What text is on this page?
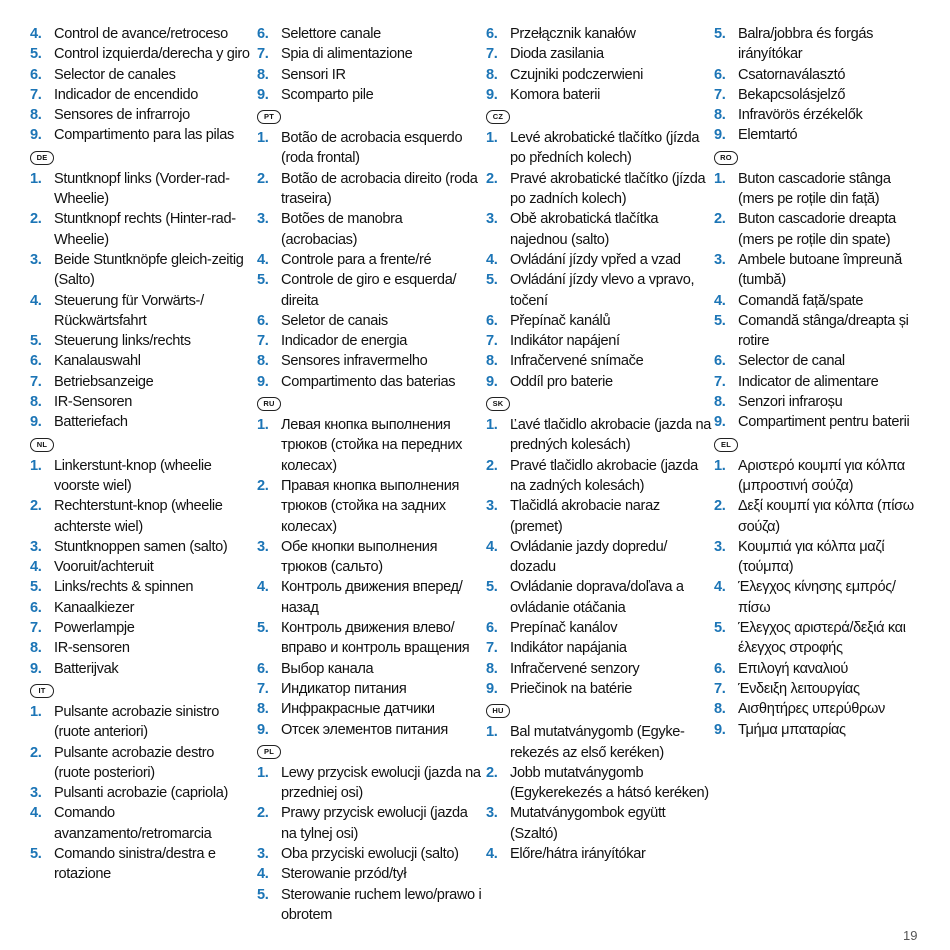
4. Control de avance/retroceso
5. Control izquierda/derecha y giro
6. Selector de canales
7. Indicador de encendido
8. Sensores de infrarrojo
9. Compartimento para las pilas
DE
1. Stuntknopf links (Vorder-rad-Wheelie)
2. Stuntknopf rechts (Hinter-rad-Wheelie)
3. Beide Stuntknöpfe gleich-zeitig (Salto)
4. Steuerung für Vorwärts-/ Rückwärtsfahrt
5. Steuerung links/rechts
6. Kanalauswahl
7. Betriebsanzeige
8. IR-Sensoren
9. Batteriefach
NL
1. Linkerstunt-knop (wheelie voorste wiel)
2. Rechterstunt-knop (wheelie achterste wiel)
3. Stuntknoppen samen (salto)
4. Vooruit/achteruit
5. Links/rechts & spinnen
6. Kanaalkiezer
7. Powerlampje
8. IR-sensoren
9. Batterijvak
IT
1. Pulsante acrobazie sinistro (ruote anteriori)
2. Pulsante acrobazie destro (ruote posteriori)
3. Pulsanti acrobazie (capriola)
4. Comando avanzamento/retromarcia
5. Comando sinistra/destra e rotazione
6. Selettore canale
7. Spia di alimentazione
8. Sensori IR
9. Scomparto pile
PT
1. Botão de acrobacia esquerdo (roda frontal)
2. Botão de acrobacia direito (roda traseira)
3. Botões de manobra (acrobacias)
4. Controle para a frente/ré
5. Controle de giro e esquerda/ direita
6. Seletor de canais
7. Indicador de energia
8. Sensores infravermelho
9. Compartimento das baterias
RU
1. Левая кнопка выполнения трюков (стойка на передних колесах)
2. Правая кнопка выполнения трюков (стойка на задних колесах)
3. Обе кнопки выполнения трюков (сальто)
4. Контроль движения вперед/ назад
5. Контроль движения влево/ вправо и контроль вращения
6. Выбор канала
7. Индикатор питания
8. Инфракрасные датчики
9. Отсек элементов питания
PL
1. Lewy przycisk ewolucji (jazda na przedniej osi)
2. Prawy przycisk ewolucji (jazda na tylnej osi)
3. Oba przyciski ewolucji (salto)
4. Sterowanie przód/tył
5. Sterowanie ruchem lewo/prawo i obrotem
6. Przełącznik kanałów
7. Dioda zasilania
8. Czujniki podczerwieni
9. Komora baterii
CZ
1. Levé akrobatické tlačítko (jízda po předních kolech)
2. Pravé akrobatické tlačítko (jízda po zadních kolech)
3. Obě akrobatická tlačítka najednou (salto)
4. Ovládání jízdy vpřed a vzad
5. Ovládání jízdy vlevo a vpravo, točení
6. Přepínač kanálů
7. Indikátor napájení
8. Infračervené snímače
9. Oddíl pro baterie
SK
1. Ľavé tlačidlo akrobacie (jazda na predných kolesách)
2. Pravé tlačidlo akrobacie (jazda na zadných kolesách)
3. Tlačidlá akrobacie naraz (premet)
4. Ovládanie jazdy dopredu/ dozadu
5. Ovládanie doprava/doľava a ovládanie otáčania
6. Prepínač kanálov
7. Indikátor napájania
8. Infračervené senzory
9. Priečinok na batérie
HU
1. Bal mutatványgomb (Egyke-rekezés az első keréken)
2. Jobb mutatványgomb (Egykerekezés a hátsó keréken)
3. Mutatványgombok együtt (Szaltó)
4. Előre/hátra irányítókar
5. Balra/jobbra és forgás irányítókar
6. Csatornaválasztó
7. Bekapcsolásjelző
8. Infravörös érzékelők
9. Elemtartó
RO
1. Buton cascadorie stânga (mers pe roțile din față)
2. Buton cascadorie dreapta (mers pe roțile din spate)
3. Ambele butoane împreună (tumbă)
4. Comandă față/spate
5. Comandă stânga/dreapta și rotire
6. Selector de canal
7. Indicator de alimentare
8. Senzori infraroșu
9. Compartiment pentru baterii
EL
1. Αριστερό κουμπί για κόλπα (μπροστινή σούζα)
2. Δεξί κουμπί για κόλπα (πίσω σούζα)
3. Κουμπιά για κόλπα μαζί (τούμπα)
4. Έλεγχος κίνησης εμπρός/ πίσω
5. Έλεγχος αριστερά/δεξιά και έλεγχος στροφής
6. Επιλογή καναλιού
7. Ένδειξη λειτουργίας
8. Αισθητήρες υπερύθρων
9. Τμήμα μπαταρίας
19
